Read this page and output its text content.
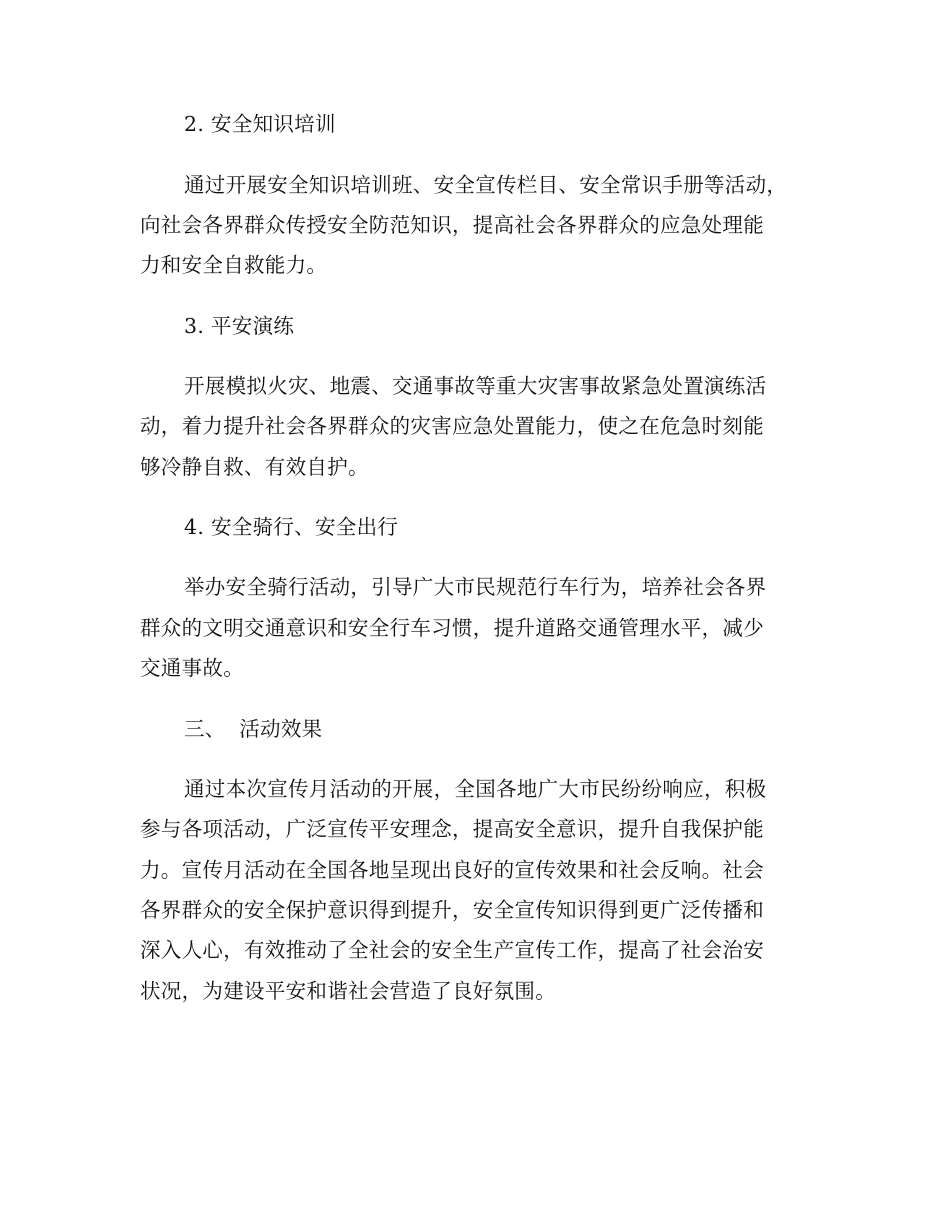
2. 安全知识培训
通过开展安全知识培训班、安全宣传栏目、安全常识手册等活动，
向社会各界群众传授安全防范知识，提高社会各界群众的应急处理能
力和安全自救能力。
3. 平安演练
开展模拟火灾、地震、交通事故等重大灾害事故紧急处置演练活
动，着力提升社会各界群众的灾害应急处置能力，使之在危急时刻能
够冷静自救、有效自护。
4. 安全骑行、安全出行
举办安全骑行活动，引导广大市民规范行车行为，培养社会各界
群众的文明交通意识和安全行车习惯，提升道路交通管理水平，减少
交通事故。
三、  活动效果
通过本次宣传月活动的开展，全国各地广大市民纷纷响应，积极
参与各项活动，广泛宣传平安理念，提高安全意识，提升自我保护能
力。宣传月活动在全国各地呈现出良好的宣传效果和社会反响。社会
各界群众的安全保护意识得到提升，安全宣传知识得到更广泛传播和
深入人心，有效推动了全社会的安全生产宣传工作，提高了社会治安
状况，为建设平安和谐社会营造了良好氛围。
